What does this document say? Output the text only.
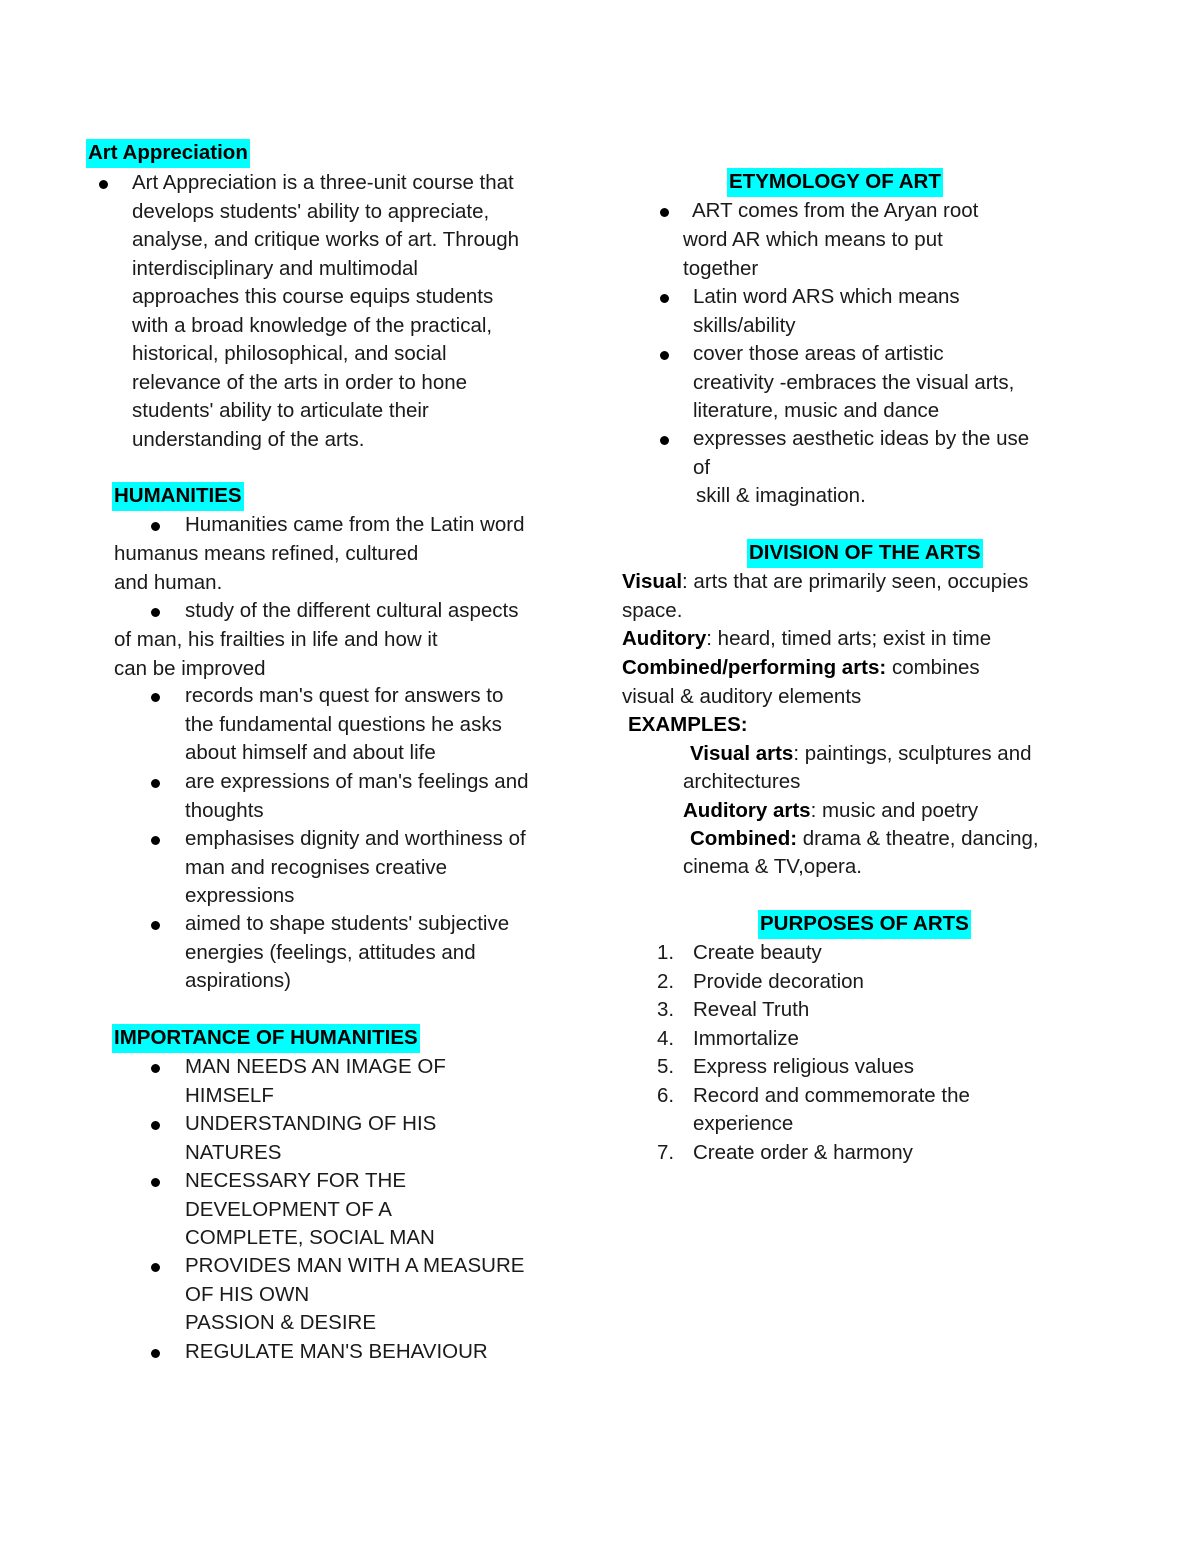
Art Appreciation
Art Appreciation is a three-unit course that
develops students' ability to appreciate,
analyse, and critique works of art. Through
interdisciplinary and multimodal
approaches this course equips students
with a broad knowledge of the practical,
historical, philosophical, and social
relevance of the arts in order to hone
students' ability to articulate their
understanding of the arts.
HUMANITIES
Humanities came from the Latin word
humanus means refined, cultured
and human.
study of the different cultural aspects
of man, his frailties in life and how it
can be improved
records man's quest for answers to
the fundamental questions he asks
about himself and about life
are expressions of man's feelings and
thoughts
emphasises dignity and worthiness of
man and recognises creative
expressions
aimed to shape students' subjective
energies (feelings, attitudes and
aspirations)
IMPORTANCE OF HUMANITIES
MAN NEEDS AN IMAGE OF
HIMSELF
UNDERSTANDING OF HIS
NATURES
NECESSARY FOR THE
DEVELOPMENT OF A
COMPLETE, SOCIAL MAN
PROVIDES MAN WITH A MEASURE
OF HIS OWN
PASSION & DESIRE
REGULATE MAN'S BEHAVIOUR
ETYMOLOGY OF ART
ART comes from the Aryan root
word AR which means to put
together
Latin word ARS which means
skills/ability
cover those areas of artistic
creativity -embraces the visual arts,
literature, music and dance
expresses aesthetic ideas by the use
of
skill & imagination.
DIVISION OF THE ARTS
Visual: arts that are primarily seen, occupies
space.
Auditory: heard, timed arts; exist in time
Combined/performing arts: combines
visual & auditory elements
EXAMPLES:
Visual arts: paintings, sculptures and
architectures
Auditory arts: music and poetry
Combined: drama & theatre, dancing,
cinema & TV,opera.
PURPOSES OF ARTS
1. Create beauty
2. Provide decoration
3. Reveal Truth
4. Immortalize
5. Express religious values
6. Record and commemorate the
experience
7. Create order & harmony
